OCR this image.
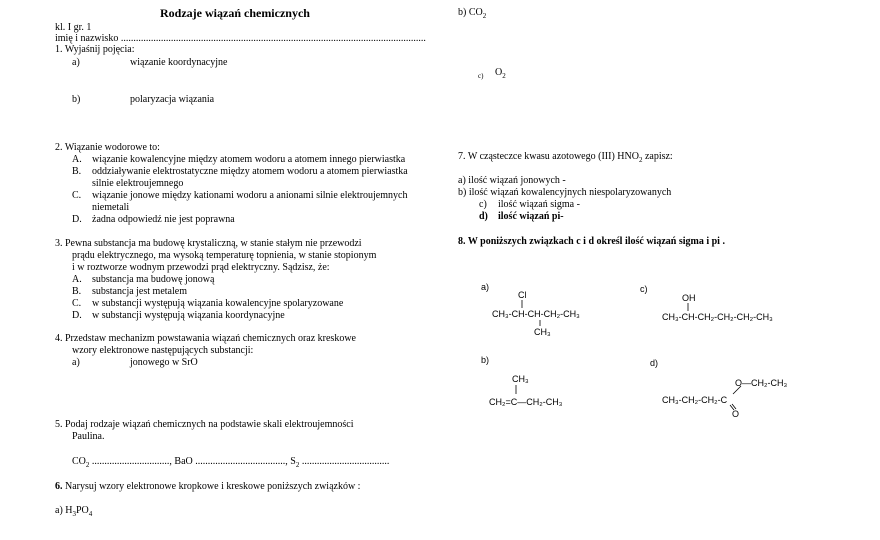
Rodzaje wiązań chemicznych
kl. I gr. 1
imię i nazwisko ..........................................................................................................................
1. Wyjaśnij pojęcia:
a)	wiązanie koordynacyjne
b)	polaryzacja wiązania
2. Wiązanie wodorowe to:
A. wiązanie kowalencyjne między atomem wodoru a atomem innego pierwiastka
B. oddziaływanie elektrostatyczne między atomem wodoru a atomem pierwiastka
silnie elektroujemnego
C. wiązanie jonowe między kationami wodoru a anionami silnie elektroujemnych
niemetali
D. żadna odpowiedź nie jest poprawna
3. Pewna substancja ma budowę krystaliczną, w stanie stałym nie przewodzi
prądu elektrycznego, ma wysoką temperaturę topnienia, w stanie stopionym
i w roztworze wodnym przewodzi prąd elektryczny. Sądzisz, że:
A. substancja ma budowę jonową
B. substancja jest metalem
C. w substancji występują wiązania kowalencyjne spolaryzowane
D. w substancji występują wiązania koordynacyjne
4. Przedstaw mechanizm powstawania wiązań chemicznych oraz kreskowe
wzory elektronowe następujących substancji:
a)	jonowego w SrO
5. Podaj rodzaje wiązań chemicznych na podstawie skali elektroujemności
Paulina.
$CO_2$ ..............................., BaO ...................................., $S_2$ ...................................
6. Narysuj wzory elektronowe kropkowe i kreskowe poniższych związków :
a) $H_3PO_4$
b) $CO_2$
c) $O_2$
7. W cząsteczce kwasu azotowego (III) $HNO_2$ zapisz:
a) ilość wiązań jonowych -
b) ilość wiązań kowalencyjnych niespolaryzowanych
c) ilość wiązań sigma -
d) ilość wiązań pi-
8. W poniższych związkach c i d określ ilość wiązań sigma i pi .
a)	c)
b)	d)
Cl
CH₃-CH-CH-CH₂-CH₃
CH₃
OH
CH₃-CH-CH₂-CH₂-CH₂-CH₃
CH₃
CH₂=C—CH₂-CH₃	CH₃-CH₂-CH₂-C
O—CH₂-CH₃
O
